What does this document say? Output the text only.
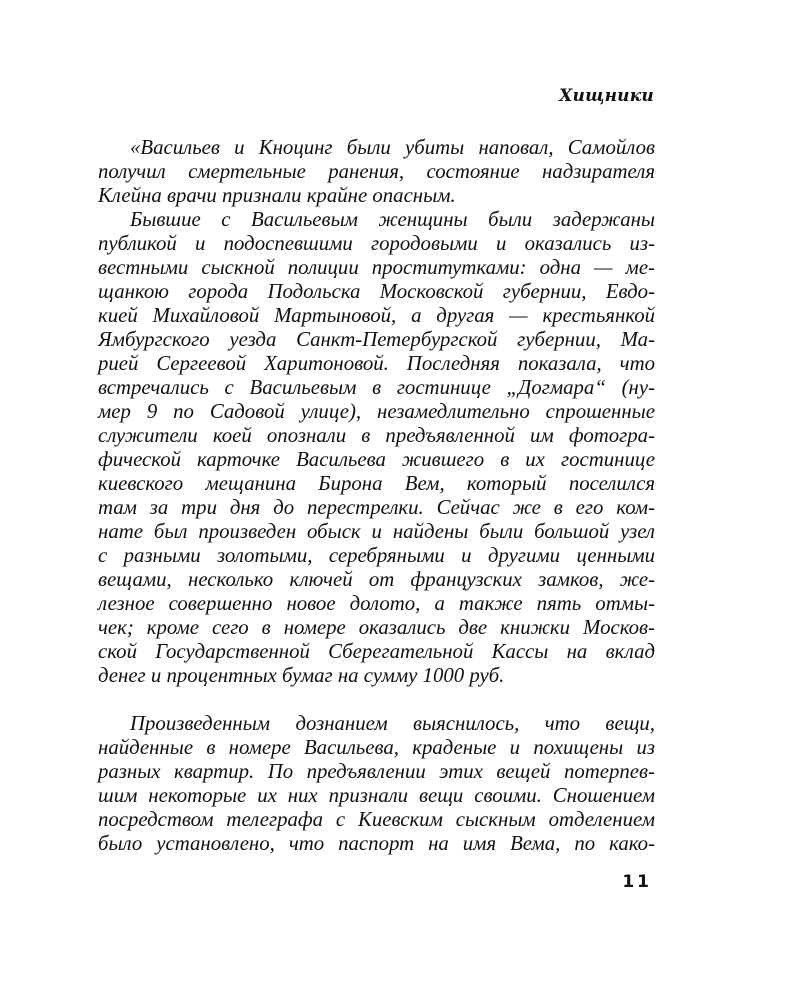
Хищники
«Васильев и Кноцинг были убиты наповал, Самойлов
получил смертельные ранения, состояние надзирателя
Клейна врачи признали крайне опасным.
Бывшие с Васильевым женщины были задержаны
публикой и подоспевшими городовыми и оказались из-
вестными сыскной полиции проститутками: одна — ме-
щанкою города Подольска Московской губернии, Евдо-
кией Михайловой Мартыновой, а другая — крестьянкой
Ямбургского уезда Санкт-Петербургской губернии, Ма-
рией Сергеевой Харитоновой. Последняя показала, что
встречались с Васильевым в гостинице „Догмара“ (ну-
мер 9 по Садовой улице), незамедлительно спрошенные
служители коей опознали в предъявленной им фотогра-
фической карточке Васильева жившего в их гостинице
киевского мещанина Бирона Вем, который поселился
там за три дня до перестрелки. Сейчас же в его ком-
нате был произведен обыск и найдены были большой узел
с разными золотыми, серебряными и другими ценными
вещами, несколько ключей от французских замков, же-
лезное совершенно новое долото, а также пять отмы-
чек; кроме сего в номере оказались две книжки Москов-
ской Государственной Сберегательной Кассы на вклад
денег и процентных бумаг на сумму 1000 руб.
Произведенным дознанием выяснилось, что вещи,
найденные в номере Васильева, краденые и похищены из
разных квартир. По предъявлении этих вещей потерпев-
шим некоторые их них признали вещи своими. Сношением
посредством телеграфа с Киевским сыскным отделением
было установлено, что паспорт на имя Вема, по како-
11
